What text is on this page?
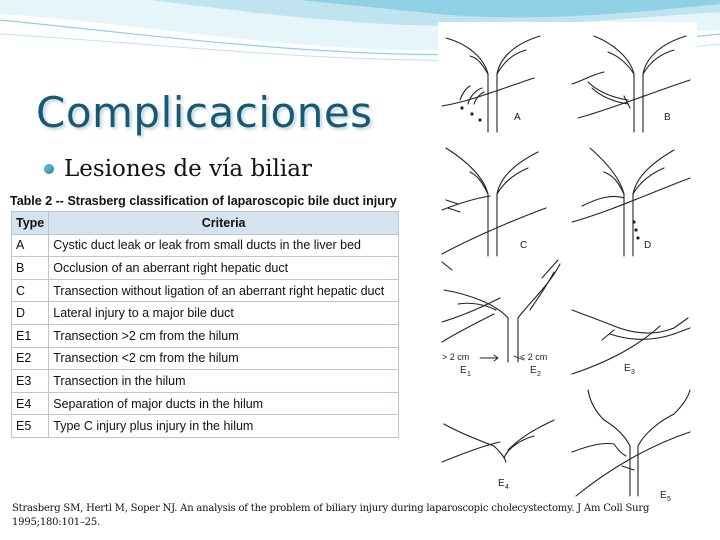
Complicaciones
Lesiones de vía biliar
Table 2 -- Strasberg classification of laparoscopic bile duct injury
Type	Criteria
A	Cystic duct leak or leak from small ducts in the liver bed
B	Occlusion of an aberrant right hepatic duct
C	Transection without ligation of an aberrant right hepatic duct
D	Lateral injury to a major bile duct
E1	Transection >2 cm from the hilum
E2	Transection <2 cm from the hilum
E3	Transection in the hilum
E4	Separation of major ducts in the hilum
E5	Type C injury plus injury in the hilum
A	B
C	D
> 2 cm	< 2 cm
E 1	E 2
E 3
E 4
E 5

Strasberg SM, Hertl M, Soper NJ. An analysis of the problem of biliary injury during laparoscopic cholecystectomy. J Am Coll Surg 1995;180:101–25.
